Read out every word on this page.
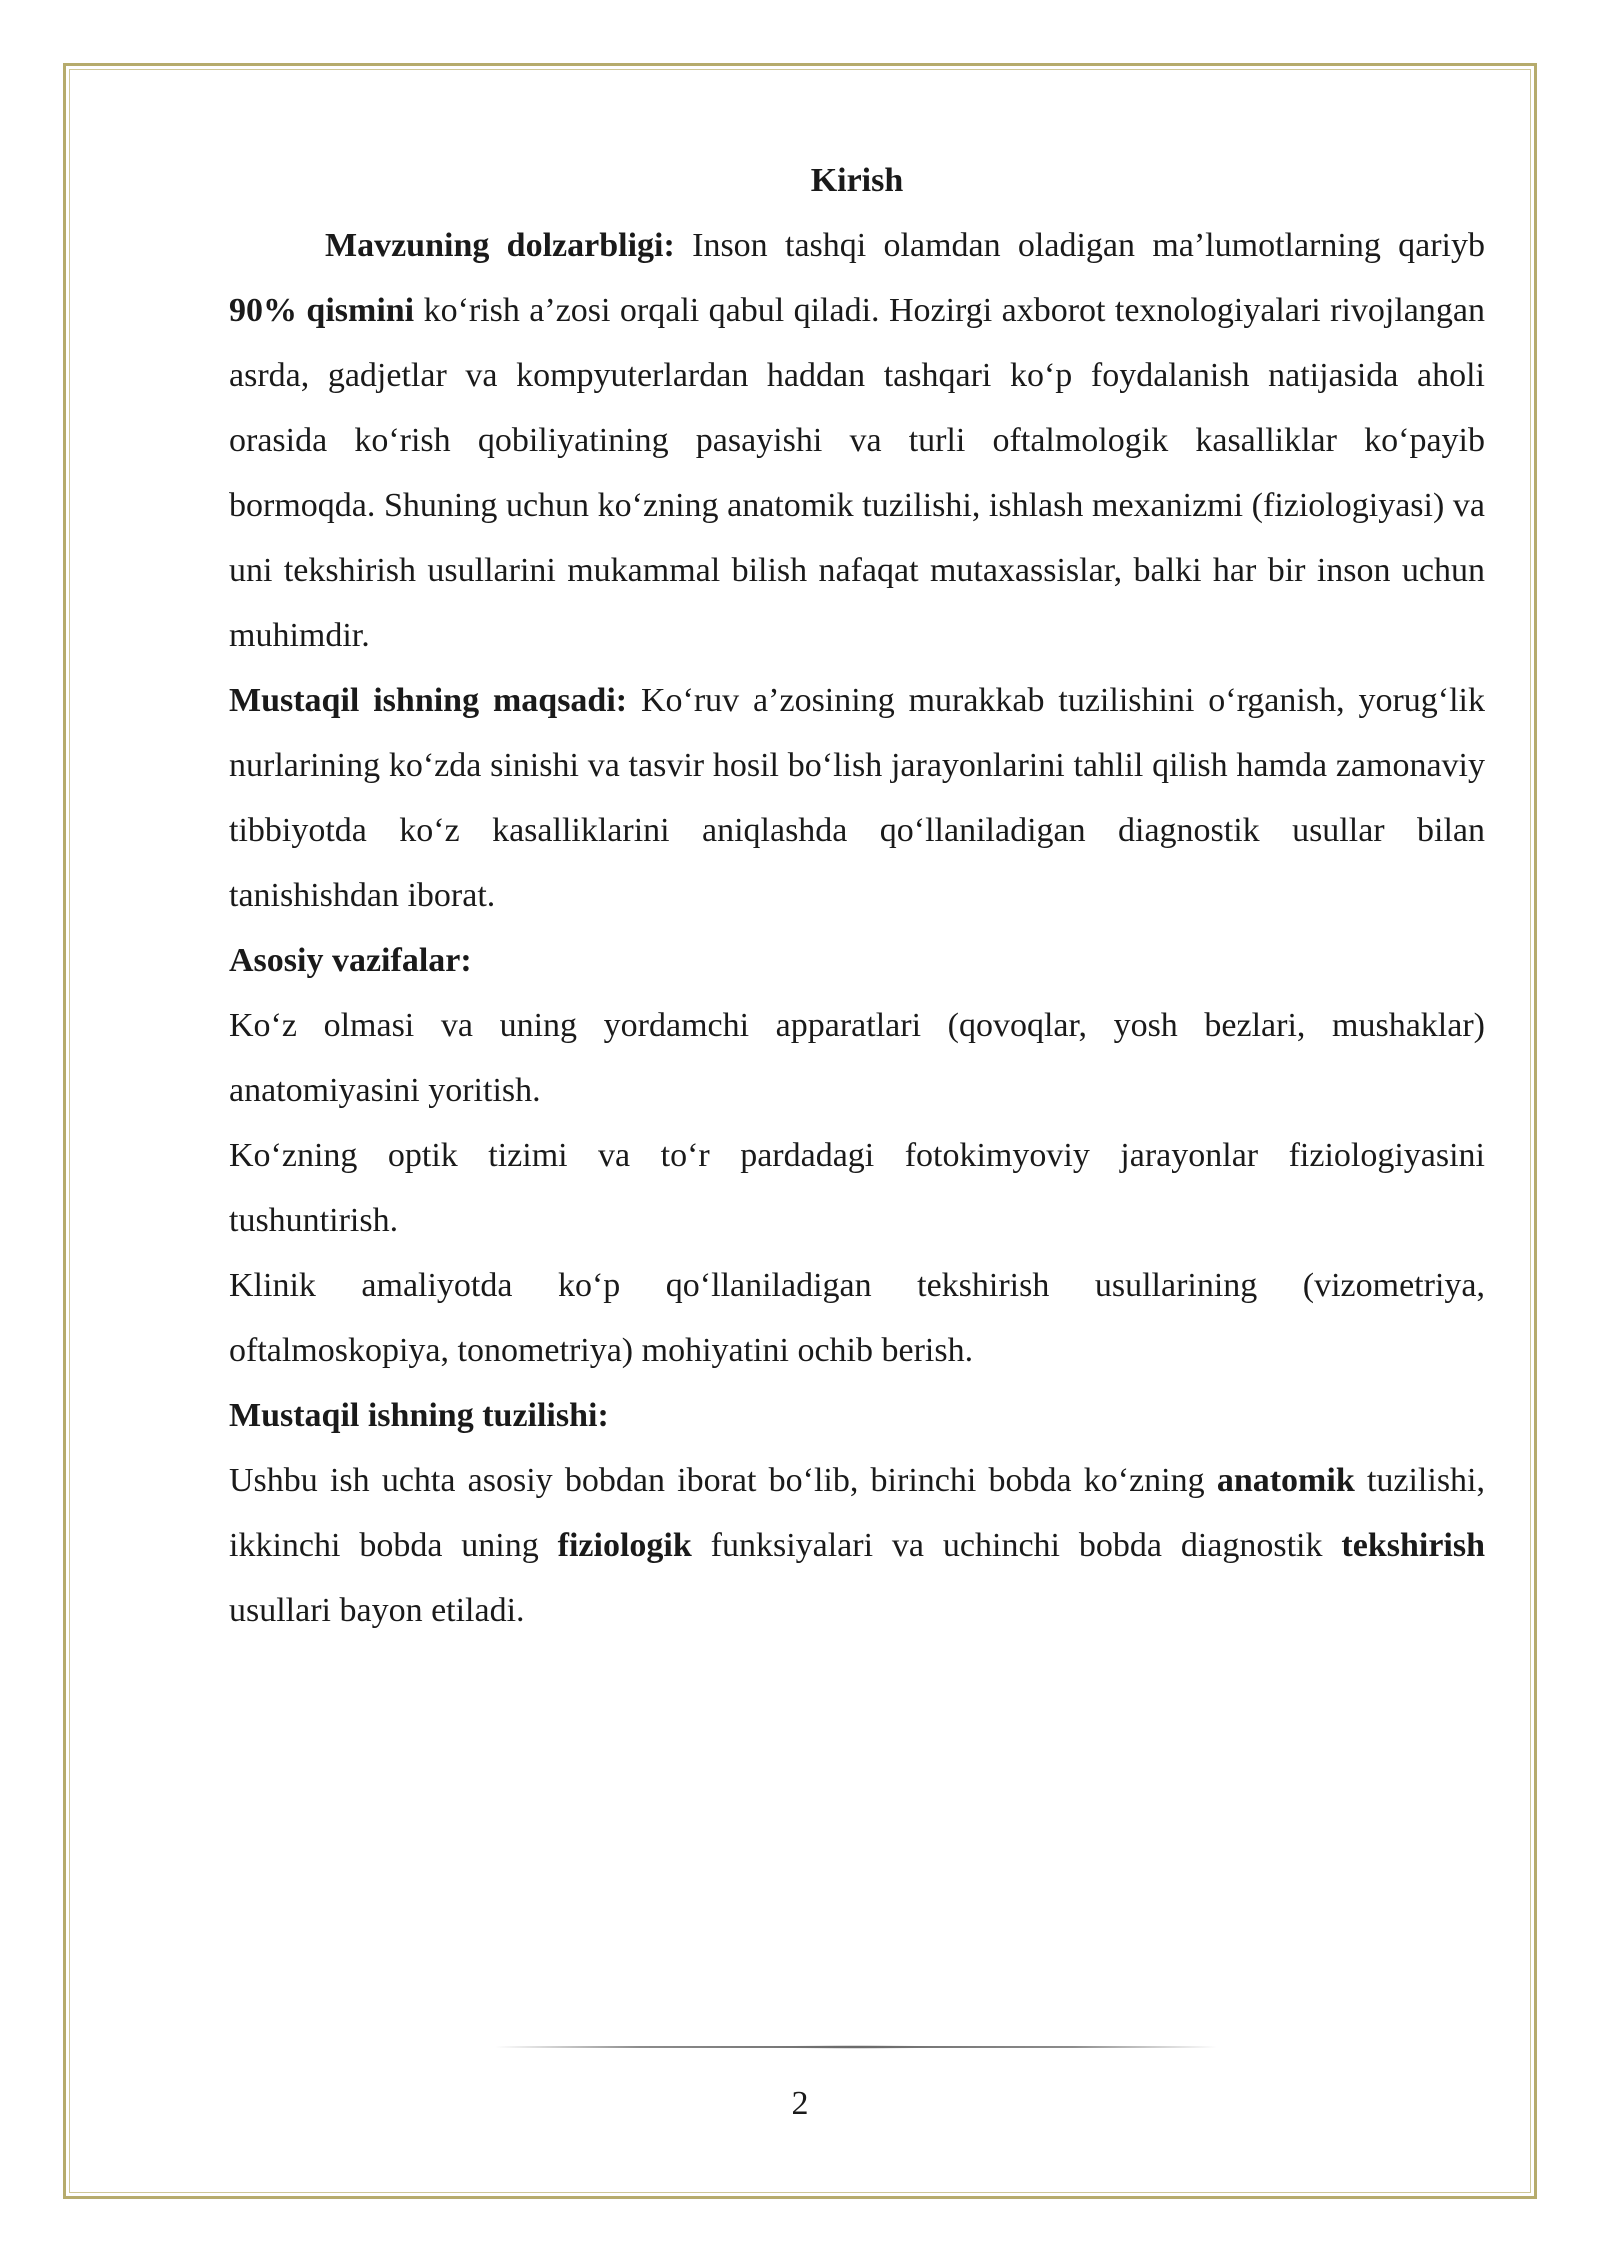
Kirish

Mavzuning dolzarbligi: Inson tashqi olamdan oladigan ma’lumotlarning qariyb 90% qismini ko‘rish a’zosi orqali qabul qiladi. Hozirgi axborot texnologiyalari rivojlangan asrda, gadjetlar va kompyuterlardan haddan tashqari ko‘p foydalanish natijasida aholi orasida ko‘rish qobiliyatining pasayishi va turli oftalmologik kasalliklar ko‘payib bormoqda. Shuning uchun ko‘zning anatomik tuzilishi, ishlash mexanizmi (fiziologiyasi) va uni tekshirish usullarini mukammal bilish nafaqat mutaxassislar, balki har bir inson uchun muhimdir.

Mustaqil ishning maqsadi: Ko‘ruv a’zosining murakkab tuzilishini o‘rganish, yorug‘lik nurlarining ko‘zda sinishi va tasvir hosil bo‘lish jarayonlarini tahlil qilish hamda zamonaviy tibbiyotda ko‘z kasalliklarini aniqlashda qo‘llaniladigan diagnostik usullar bilan tanishishdan iborat.

Asosiy vazifalar:

Ko‘z olmasi va uning yordamchi apparatlari (qovoqlar, yosh bezlari, mushaklar) anatomiyasini yoritish.

Ko‘zning optik tizimi va to‘r pardadagi fotokimyoviy jarayonlar fiziologiyasini tushuntirish.

Klinik amaliyotda ko‘p qo‘llaniladigan tekshirish usullarining (vizometriya, oftalmoskopiya, tonometriya) mohiyatini ochib berish.

Mustaqil ishning tuzilishi:

Ushbu ish uchta asosiy bobdan iborat bo‘lib, birinchi bobda ko‘zning anatomik tuzilishi, ikkinchi bobda uning fiziologik funksiyalari va uchinchi bobda diagnostik tekshirish usullari bayon etiladi.

2
